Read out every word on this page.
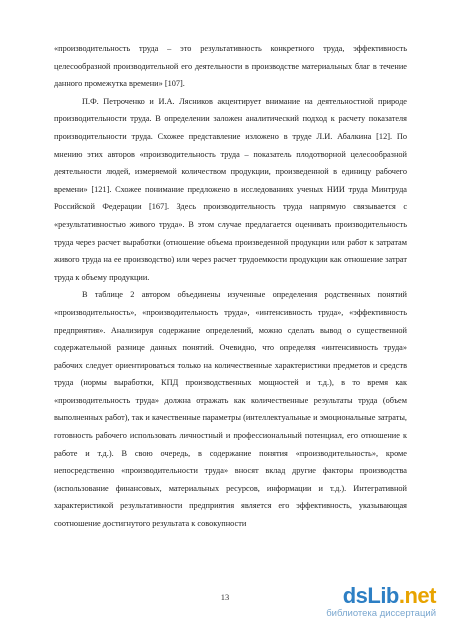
«производительность труда – это результативность конкретного труда, эффективность целесообразной производительной его деятельности в производстве материальных благ в течение данного промежутка времени» [107].

П.Ф. Петроченко и И.А. Лясников акцентирует внимание на деятельностной природе производительности труда. В определении заложен аналитический подход к расчету показателя производительности труда. Схожее представление изложено в труде Л.И. Абалкина [12]. По мнению этих авторов «производительность труда – показатель плодотворной целесообразной деятельности людей, измеряемой количеством продукции, произведенной в единицу рабочего времени» [121]. Схожее понимание предложено в исследованиях ученых НИИ труда Минтруда Российской Федерации [167]. Здесь производительность труда напрямую связывается с «результативностью живого труда». В этом случае предлагается оценивать производительность труда через расчет выработки (отношение объема произведенной продукции или работ к затратам живого труда на ее производство) или через расчет трудоемкости продукции как отношение затрат труда к объему продукции.

В таблице 2 автором объединены изученные определения родственных понятий «производительность», «производительность труда», «интенсивность труда», «эффективность предприятия». Анализируя содержание определений, можно сделать вывод о существенной содержательной разнице данных понятий. Очевидно, что определяя «интенсивность труда» рабочих следует ориентироваться только на количественные характеристики предметов и средств труда (нормы выработки, КПД производственных мощностей и т.д.), в то время как «производительность труда» должна отражать как количественные результаты труда (объем выполненных работ), так и качественные параметры (интеллектуальные и эмоциональные затраты, готовность рабочего использовать личностный и профессиональный потенциал, его отношение к работе и т.д.). В свою очередь, в содержание понятия «производительность», кроме непосредственно «производительности труда» вносят вклад другие факторы производства (использование финансовых, материальных ресурсов, информации и т.д.). Интегративной характеристикой результативности предприятия является его эффективность, указывающая соотношение достигнутого результата к совокупности

13	dsLib.net
библиотека диссертаций
